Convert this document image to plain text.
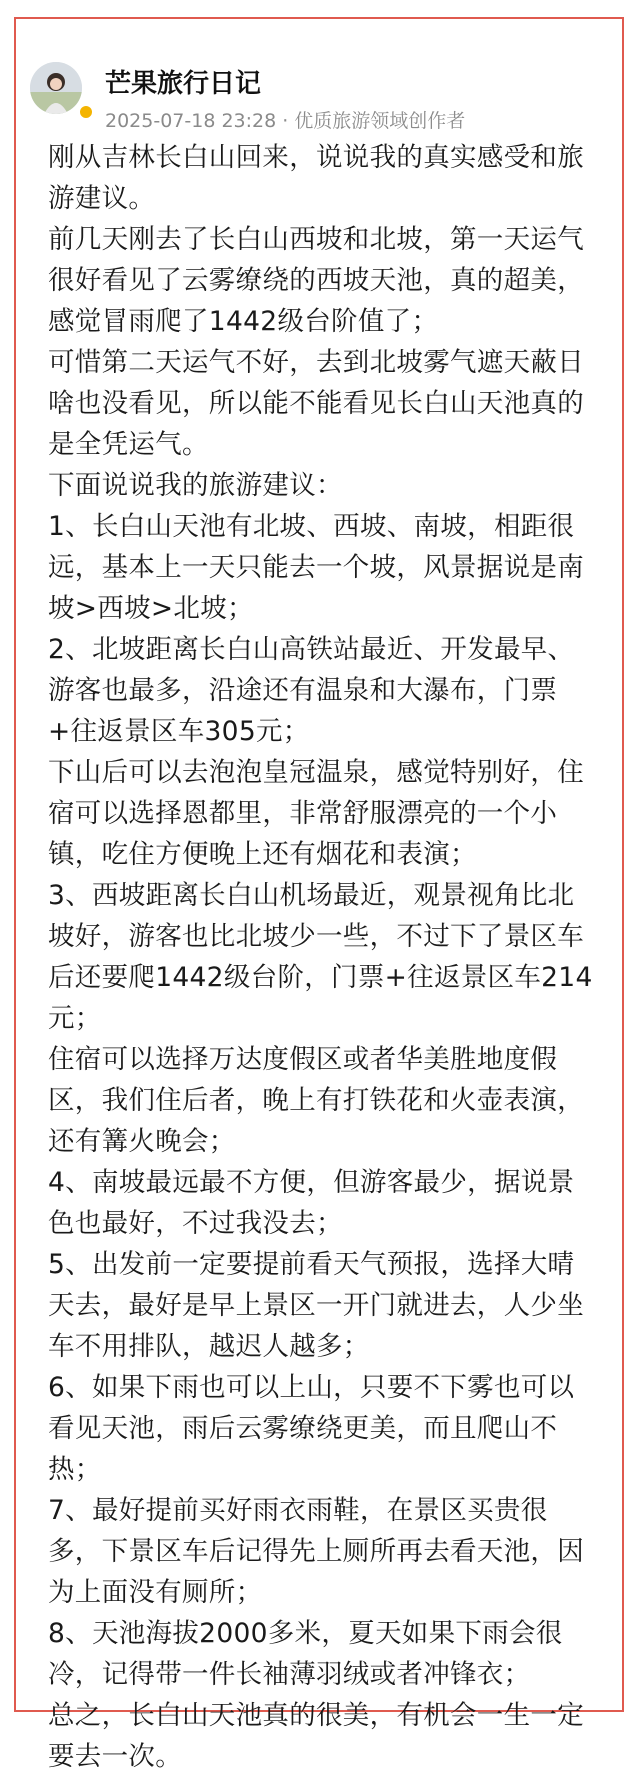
芒果旅行日记
2025-07-18 23:28 · 优质旅游领域创作者

刚从吉林长白山回来，说说我的真实感受和旅游建议。

前几天刚去了长白山西坡和北坡，第一天运气很好看见了云雾缭绕的西坡天池，真的超美，感觉冒雨爬了1442级台阶值了；

可惜第二天运气不好，去到北坡雾气遮天蔽日啥也没看见，所以能不能看见长白山天池真的是全凭运气。

下面说说我的旅游建议：

1、长白山天池有北坡、西坡、南坡，相距很远，基本上一天只能去一个坡，风景据说是南坡>西坡>北坡；

2、北坡距离长白山高铁站最近、开发最早、游客也最多，沿途还有温泉和大瀑布，门票+往返景区车305元；

下山后可以去泡泡皇冠温泉，感觉特别好，住宿可以选择恩都里，非常舒服漂亮的一个小镇，吃住方便晚上还有烟花和表演；

3、西坡距离长白山机场最近，观景视角比北坡好，游客也比北坡少一些，不过下了景区车后还要爬1442级台阶，门票+往返景区车214元；

住宿可以选择万达度假区或者华美胜地度假区，我们住后者，晚上有打铁花和火壶表演，还有篝火晚会；

4、南坡最远最不方便，但游客最少，据说景色也最好，不过我没去；

5、出发前一定要提前看天气预报，选择大晴天去，最好是早上景区一开门就进去，人少坐车不用排队，越迟人越多；

6、如果下雨也可以上山，只要不下雾也可以看见天池，雨后云雾缭绕更美，而且爬山不热；

7、最好提前买好雨衣雨鞋，在景区买贵很多，下景区车后记得先上厕所再去看天池，因为上面没有厕所；

8、天池海拔2000多米，夏天如果下雨会很冷，记得带一件长袖薄羽绒或者冲锋衣；

总之，长白山天池真的很美，有机会一生一定要去一次。
